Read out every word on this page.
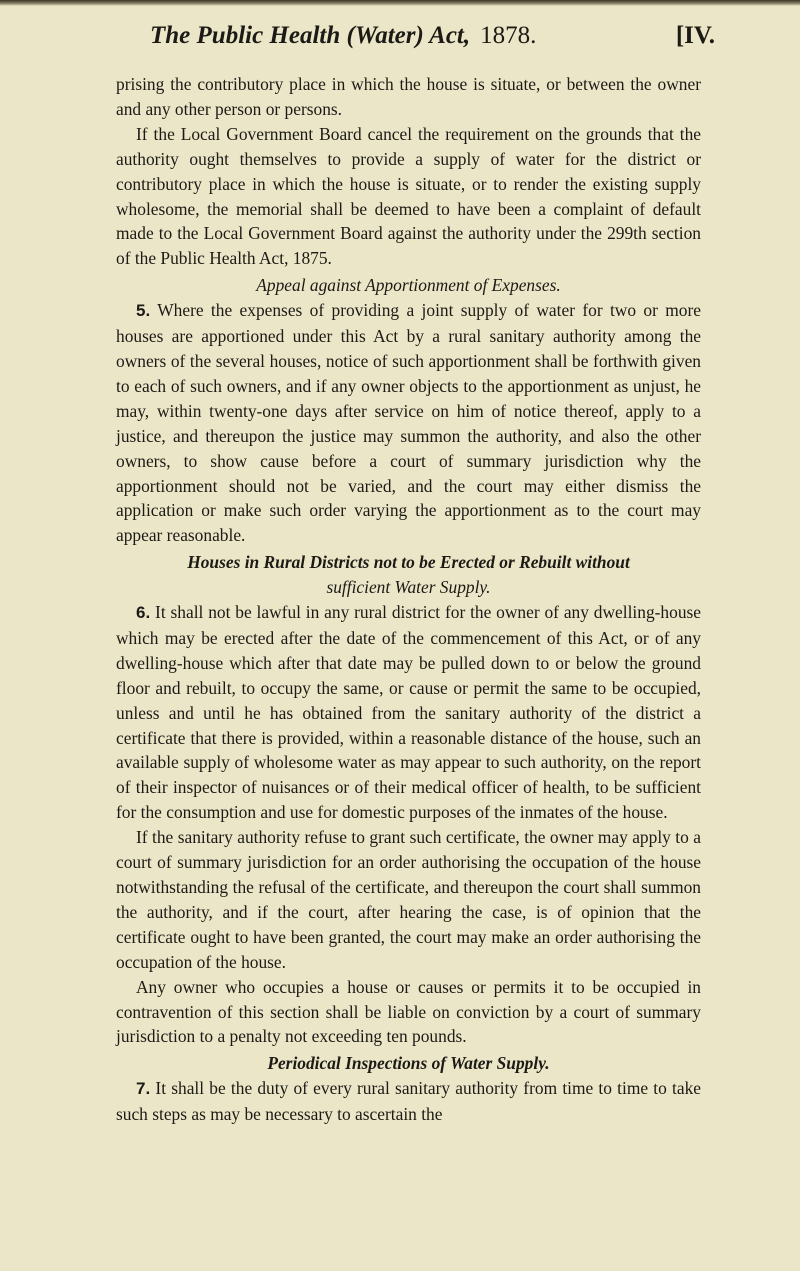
The Public Health (Water) Act, 1878.	[IV.

prising the contributory place in which the house is situate, or between the owner and any other person or persons.

If the Local Government Board cancel the requirement on the grounds that the authority ought themselves to provide a supply of water for the district or contributory place in which the house is situate, or to render the existing supply wholesome, the memorial shall be deemed to have been a complaint of default made to the Local Government Board against the authority under the 299th section of the Public Health Act, 1875.

Appeal against Apportionment of Expenses.

5. Where the expenses of providing a joint supply of water for two or more houses are apportioned under this Act by a rural sanitary authority among the owners of the several houses, notice of such apportionment shall be forthwith given to each of such owners, and if any owner objects to the apportionment as unjust, he may, within twenty-one days after service on him of notice thereof, apply to a justice, and thereupon the justice may summon the authority, and also the other owners, to show cause before a court of summary jurisdiction why the apportionment should not be varied, and the court may either dismiss the application or make such order varying the apportionment as to the court may appear reasonable.

Houses in Rural Districts not to be Erected or Rebuilt without
sufficient Water Supply.

6. It shall not be lawful in any rural district for the owner of any dwelling-house which may be erected after the date of the commencement of this Act, or of any dwelling-house which after that date may be pulled down to or below the ground floor and rebuilt, to occupy the same, or cause or permit the same to be occupied, unless and until he has obtained from the sanitary authority of the district a certificate that there is provided, within a reasonable distance of the house, such an available supply of wholesome water as may appear to such authority, on the report of their inspector of nuisances or of their medical officer of health, to be sufficient for the consumption and use for domestic purposes of the inmates of the house.

If the sanitary authority refuse to grant such certificate, the owner may apply to a court of summary jurisdiction for an order authorising the occupation of the house notwithstanding the refusal of the certificate, and thereupon the court shall summon the authority, and if the court, after hearing the case, is of opinion that the certificate ought to have been granted, the court may make an order authorising the occupation of the house.

Any owner who occupies a house or causes or permits it to be occupied in contravention of this section shall be liable on conviction by a court of summary jurisdiction to a penalty not exceeding ten pounds.

Periodical Inspections of Water Supply.

7. It shall be the duty of every rural sanitary authority from time to time to take such steps as may be necessary to ascertain the
